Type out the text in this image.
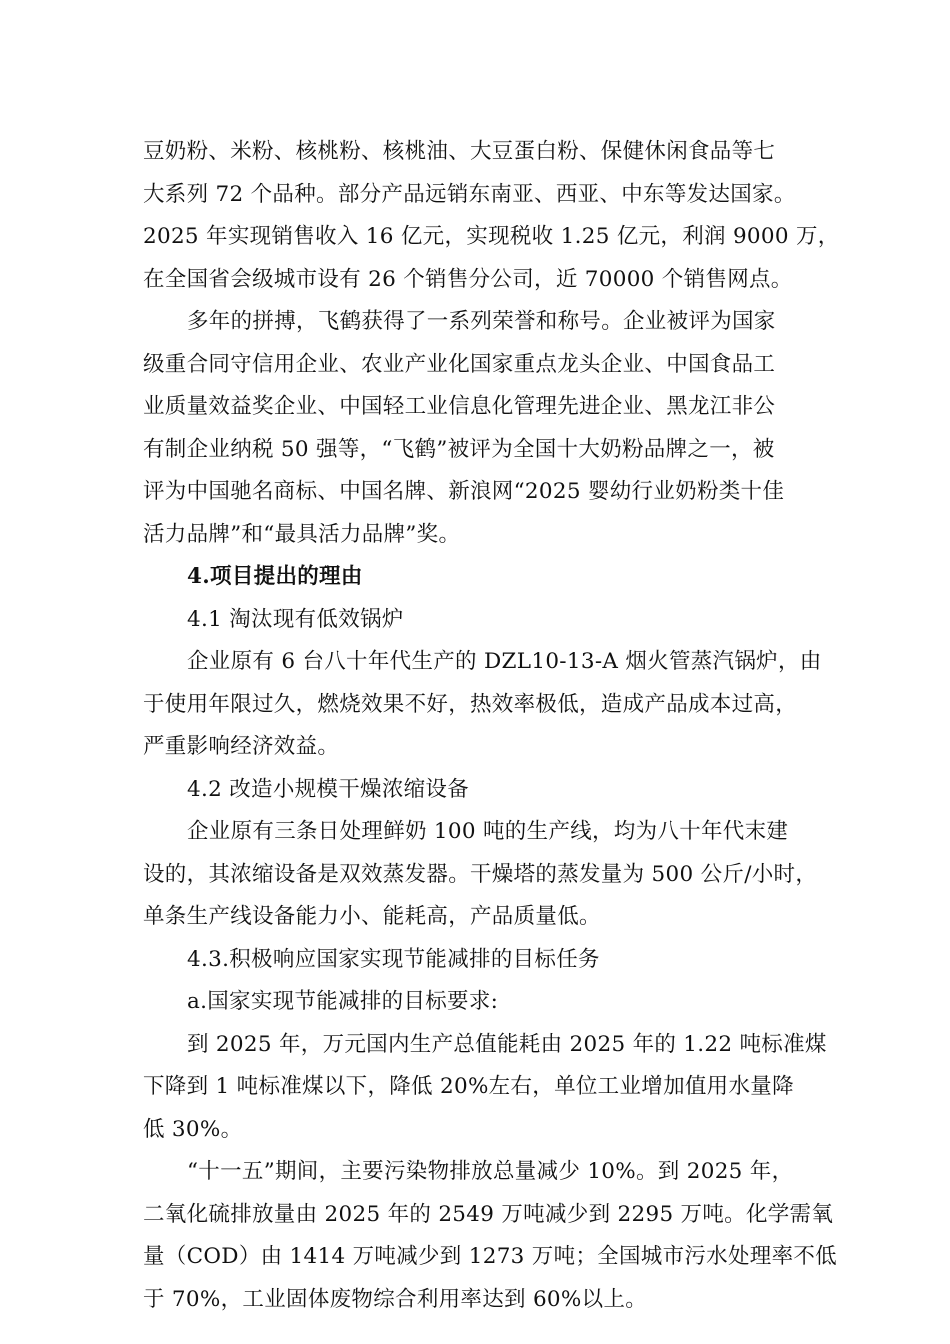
豆奶粉、米粉、核桃粉、核桃油、大豆蛋白粉、保健休闲食品等七
大系列 72 个品种。部分产品远销东南亚、西亚、中东等发达国家。
2025 年实现销售收入 16 亿元，实现税收 1.25 亿元，利润 9000 万，
在全国省会级城市设有 26 个销售分公司，近 70000 个销售网点。
多年的拼搏，飞鹤获得了一系列荣誉和称号。企业被评为国家
级重合同守信用企业、农业产业化国家重点龙头企业、中国食品工
业质量效益奖企业、中国轻工业信息化管理先进企业、黑龙江非公
有制企业纳税 50 强等，“飞鹤”被评为全国十大奶粉品牌之一，被
评为中国驰名商标、中国名牌、新浪网“2025 婴幼行业奶粉类十佳
活力品牌”和“最具活力品牌”奖。
4.项目提出的理由
4.1 淘汰现有低效锅炉
企业原有 6 台八十年代生产的 DZL10-13-A 烟火管蒸汽锅炉，由
于使用年限过久，燃烧效果不好，热效率极低，造成产品成本过高，
严重影响经济效益。
4.2 改造小规模干燥浓缩设备
企业原有三条日处理鲜奶 100 吨的生产线，均为八十年代末建
设的，其浓缩设备是双效蒸发器。干燥塔的蒸发量为 500 公斤/小时，
单条生产线设备能力小、能耗高，产品质量低。
4.3.积极响应国家实现节能减排的目标任务
a.国家实现节能减排的目标要求:
到 2025 年，万元国内生产总值能耗由 2025 年的 1.22 吨标准煤
下降到 1 吨标准煤以下，降低 20%左右，单位工业增加值用水量降
低 30%。
“十一五”期间，主要污染物排放总量减少 10%。到 2025 年，
二氧化硫排放量由 2025 年的 2549 万吨减少到 2295 万吨。化学需氧
量（COD）由 1414 万吨减少到 1273 万吨；全国城市污水处理率不低
于 70%，工业固体废物综合利用率达到 60%以上。
